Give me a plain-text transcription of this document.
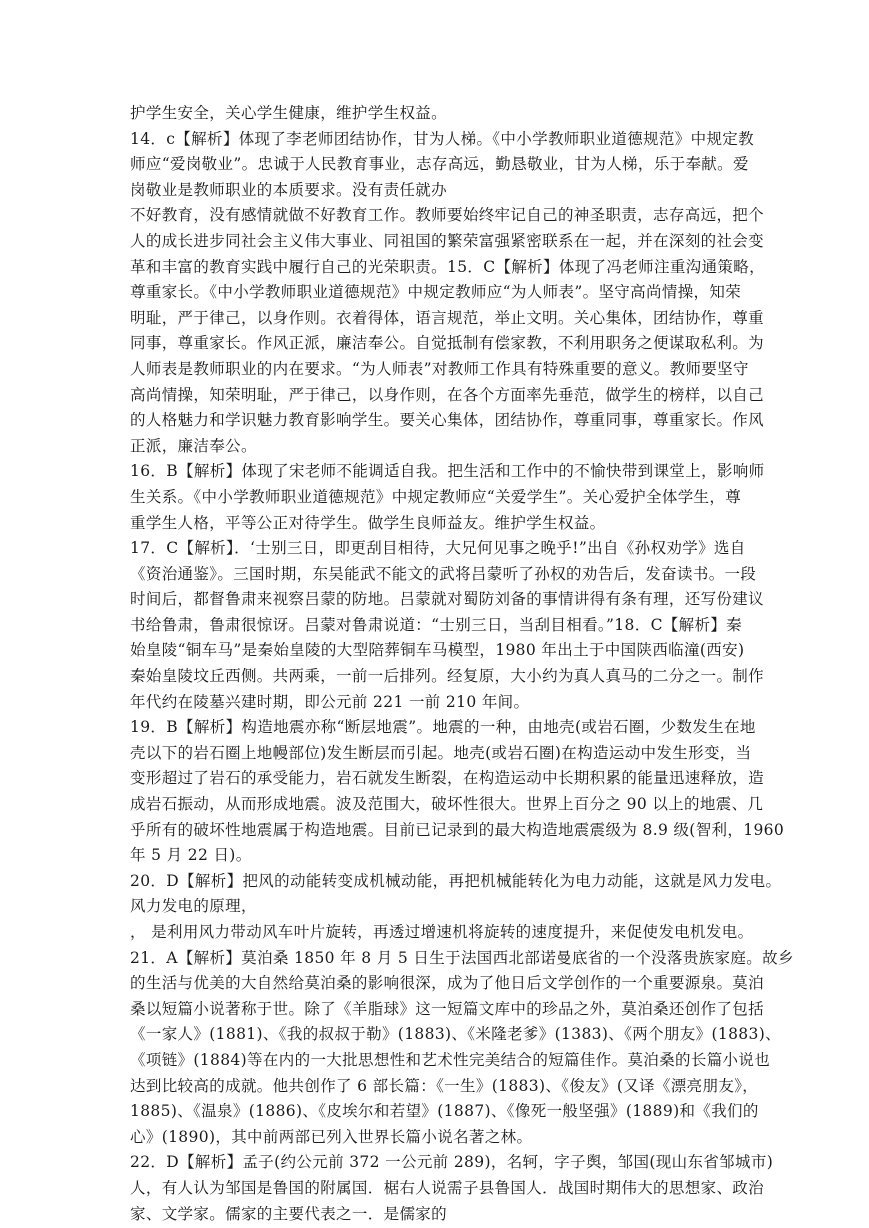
护学生安全，关心学生健康，维护学生权益。
14．c【解析】体现了李老师团结协作，甘为人梯。《中小学教师职业道德规范》中规定教
师应“爱岗敬业”。忠诚于人民教育事业，志存高远，勤恳敬业，甘为人梯，乐于奉献。爱
岗敬业是教师职业的本质要求。没有责任就办
不好教育，没有感情就做不好教育工作。教师要始终牢记自己的神圣职责，志存高远，把个
人的成长进步同社会主义伟大事业、同祖国的繁荣富强紧密联系在一起，并在深刻的社会变
革和丰富的教育实践中履行自己的光荣职责。15．C【解析】体现了冯老师注重沟通策略，
尊重家长。《中小学教师职业道德规范》中规定教师应“为人师表”。坚守高尚情操，知荣
明耻，严于律己，以身作则。衣着得体，语言规范，举止文明。关心集体，团结协作，尊重
同事，尊重家长。作风正派，廉洁奉公。自觉抵制有偿家教，不利用职务之便谋取私利。为
人师表是教师职业的内在要求。“为人师表”对教师工作具有特殊重要的意义。教师要坚守
高尚情操，知荣明耻，严于律己，以身作则，在各个方面率先垂范，做学生的榜样，以自己
的人格魅力和学识魅力教育影响学生。要关心集体，团结协作，尊重同事，尊重家长。作风
正派，廉洁奉公。
16．B【解析】体现了宋老师不能调适自我。把生活和工作中的不愉快带到课堂上，影响师
生关系。《中小学教师职业道德规范》中规定教师应“关爱学生”。关心爱护全体学生，尊
重学生人格，平等公正对待学生。做学生良师益友。维护学生权益。
17．C【解析】．‘士别三日，即更刮目相待，大兄何见事之晚乎!”出自《孙权劝学》选自
《资治通鉴》。三国时期，东吴能武不能文的武将吕蒙听了孙权的劝告后，发奋读书。一段
时间后，都督鲁肃来视察吕蒙的防地。吕蒙就对蜀防刘备的事情讲得有条有理，还写份建议
书给鲁肃，鲁肃很惊讶。吕蒙对鲁肃说道：“士别三日，当刮目相看。”18．C【解析】秦
始皇陵“铜车马”是秦始皇陵的大型陪葬铜车马模型，1980 年出土于中国陕西临潼(西安)
秦始皇陵坟丘西侧。共两乘，一前一后排列。经复原，大小约为真人真马的二分之一。制作
年代约在陵墓兴建时期，即公元前 221 一前 210 年间。
19．B【解析】构造地震亦称“断层地震”。地震的一种，由地壳(或岩石圈，少数发生在地
壳以下的岩石圈上地幔部位)发生断层而引起。地壳(或岩石圈)在构造运动中发生形变，当
变形超过了岩石的承受能力，岩石就发生断裂，在构造运动中长期积累的能量迅速释放，造
成岩石振动，从而形成地震。波及范围大，破坏性很大。世界上百分之 90 以上的地震、几
乎所有的破坏性地震属于构造地震。目前已记录到的最大构造地震震级为 8.9 级(智利，1960
年 5 月 22 日)。
20．D【解析】把风的动能转变成机械动能，再把机械能转化为电力动能，这就是风力发电。
风力发电的原理，
， 是利用风力带动风车叶片旋转，再透过增速机将旋转的速度提升，来促使发电机发电。
21．A【解析】莫泊桑 1850 年 8 月 5 日生于法国西北部诺曼底省的一个没落贵族家庭。故乡
的生活与优美的大自然给莫泊桑的影响很深，成为了他日后文学创作的一个重要源泉。莫泊
桑以短篇小说著称于世。除了《羊脂球》这一短篇文库中的珍品之外，莫泊桑还创作了包括
《一家人》(1881)、《我的叔叔于勒》(1883)、《米隆老爹》(1383)、《两个朋友》(1883)、
《项链》(1884)等在内的一大批思想性和艺术性完美结合的短篇佳作。莫泊桑的长篇小说也
达到比较高的成就。他共创作了 6 部长篇：《一生》(1883)、《俊友》(又译《漂亮朋友》，
1885)、《温泉》(1886)、《皮埃尔和若望》(1887)、《像死一般坚强》(1889)和《我们的
心》(1890)，其中前两部已列入世界长篇小说名著之林。
22．D【解析】孟子(约公元前 372 一公元前 289)，名轲，字子舆，邹国(现山东省邹城市)
人，有人认为邹国是鲁国的附属国．椐右人说需子县鲁国人．战国时期伟大的思想家、政治
家、文学家。儒家的主要代表之一．是儒家的
